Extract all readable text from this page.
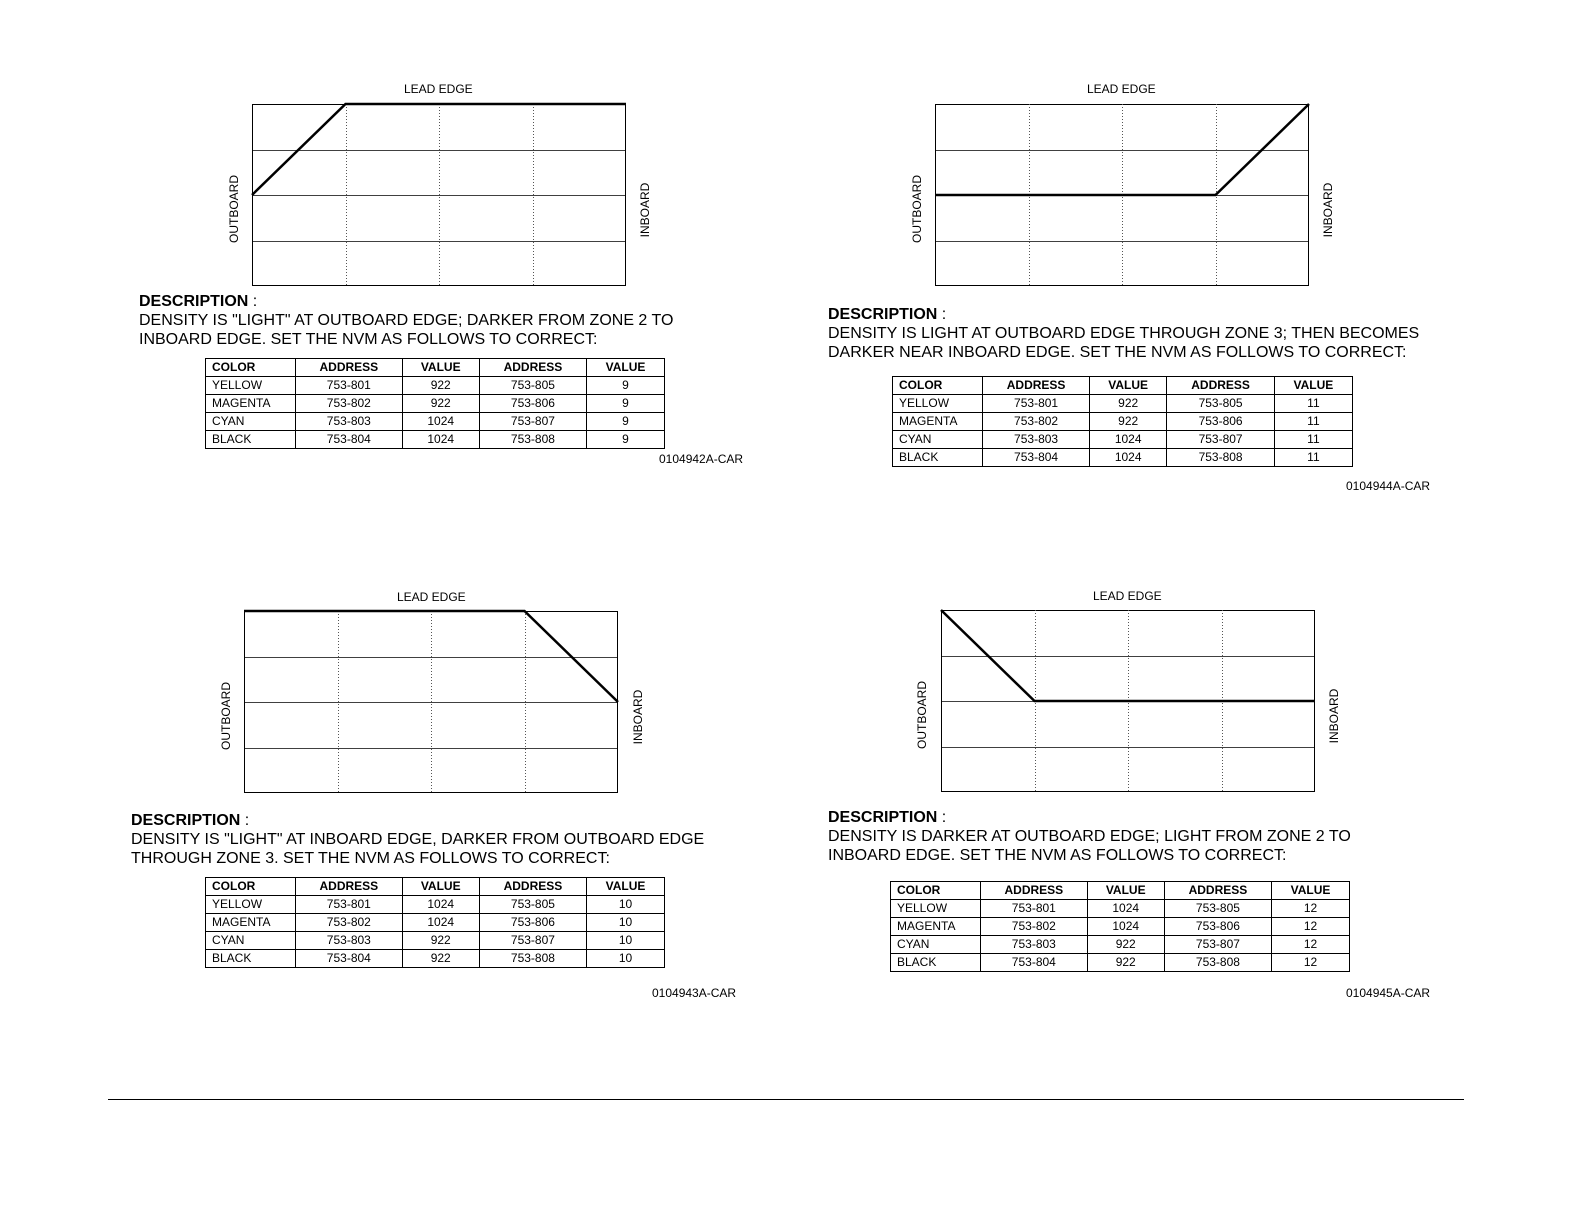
LEAD EDGE
OUTBOARD	INBOARD
DESCRIPTION :
DENSITY IS "LIGHT" AT OUTBOARD EDGE; DARKER FROM ZONE 2 TO
INBOARD EDGE. SET THE NVM AS FOLLOWS TO CORRECT:
COLOR	ADDRESS	VALUE	ADDRESS	VALUE
YELLOW	753-801	922	753-805	9
MAGENTA	753-802	922	753-806	9
CYAN	753-803	1024	753-807	9
BLACK	753-804	1024	753-808	9
0104942A-CAR
LEAD EDGE
OUTBOARD	INBOARD
DESCRIPTION :
DENSITY IS LIGHT AT OUTBOARD EDGE THROUGH ZONE 3; THEN BECOMES
DARKER NEAR INBOARD EDGE. SET THE NVM AS FOLLOWS TO CORRECT:
COLOR	ADDRESS	VALUE	ADDRESS	VALUE
YELLOW	753-801	922	753-805	11
MAGENTA	753-802	922	753-806	11
CYAN	753-803	1024	753-807	11
BLACK	753-804	1024	753-808	11
0104944A-CAR
LEAD EDGE
OUTBOARD	INBOARD
DESCRIPTION :
DENSITY IS "LIGHT" AT INBOARD EDGE, DARKER FROM OUTBOARD EDGE
THROUGH ZONE 3. SET THE NVM AS FOLLOWS TO CORRECT:
COLOR	ADDRESS	VALUE	ADDRESS	VALUE
YELLOW	753-801	1024	753-805	10
MAGENTA	753-802	1024	753-806	10
CYAN	753-803	922	753-807	10
BLACK	753-804	922	753-808	10
0104943A-CAR
LEAD EDGE
OUTBOARD	INBOARD
DESCRIPTION :
DENSITY IS DARKER AT OUTBOARD EDGE; LIGHT FROM ZONE 2 TO
INBOARD EDGE. SET THE NVM AS FOLLOWS TO CORRECT:
COLOR	ADDRESS	VALUE	ADDRESS	VALUE
YELLOW	753-801	1024	753-805	12
MAGENTA	753-802	1024	753-806	12
CYAN	753-803	922	753-807	12
BLACK	753-804	922	753-808	12
0104945A-CAR
